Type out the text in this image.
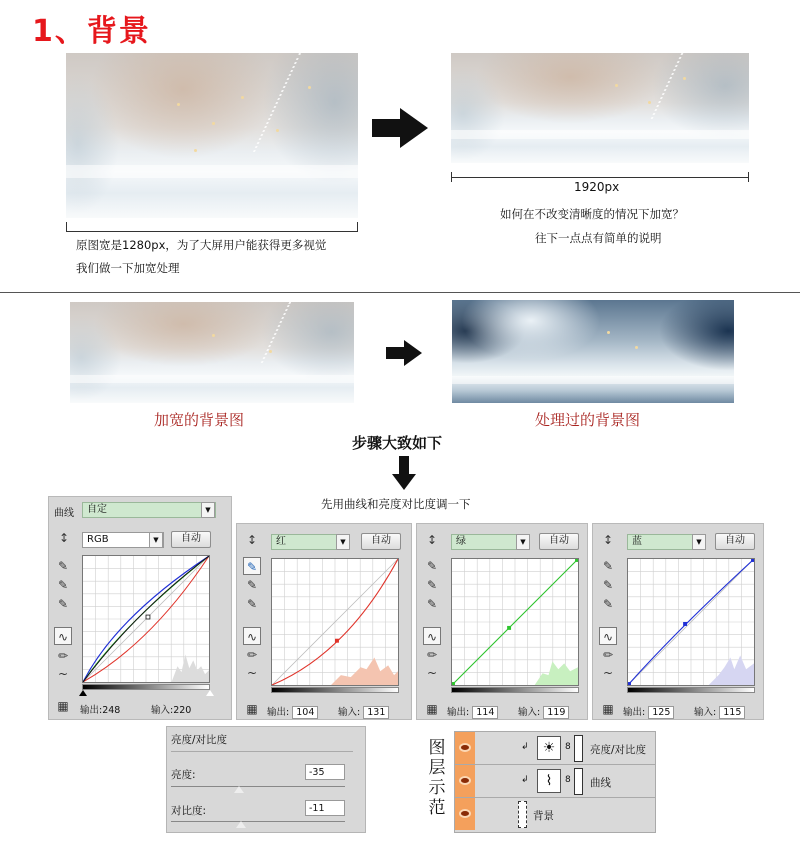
1、背景
1920px
如何在不改变清晰度的情况下加宽？
往下一点点有简单的说明
原图宽是1280px，为了大屏用户能获得更多视觉
我们做一下加宽处理
加宽的背景图	处理过的背景图
步骤大致如下
先用曲线和亮度对比度调一下
曲线	自定	▼
↕	RGB	▼	自动
✎
✎
✎
∿
✏
~
▦	输出:248	输入:220
↕	红	▼	自动
✎
✎
✎
∿
✏
~
▦ 输出: 104	输入: 131
↕	绿	▼	自动
✎
✎
✎
∿
✏
~
▦ 输出: 114	输入: 119
↕	蓝	▼	自动
✎
✎
✎
∿
✏
~
▦ 输出: 125	输入: 115
亮度/对比度
亮度:	-35
对比度:	-11
图层示范
↲	☀	8 亮度/对比度
↲	⌇	8 曲线
背景
